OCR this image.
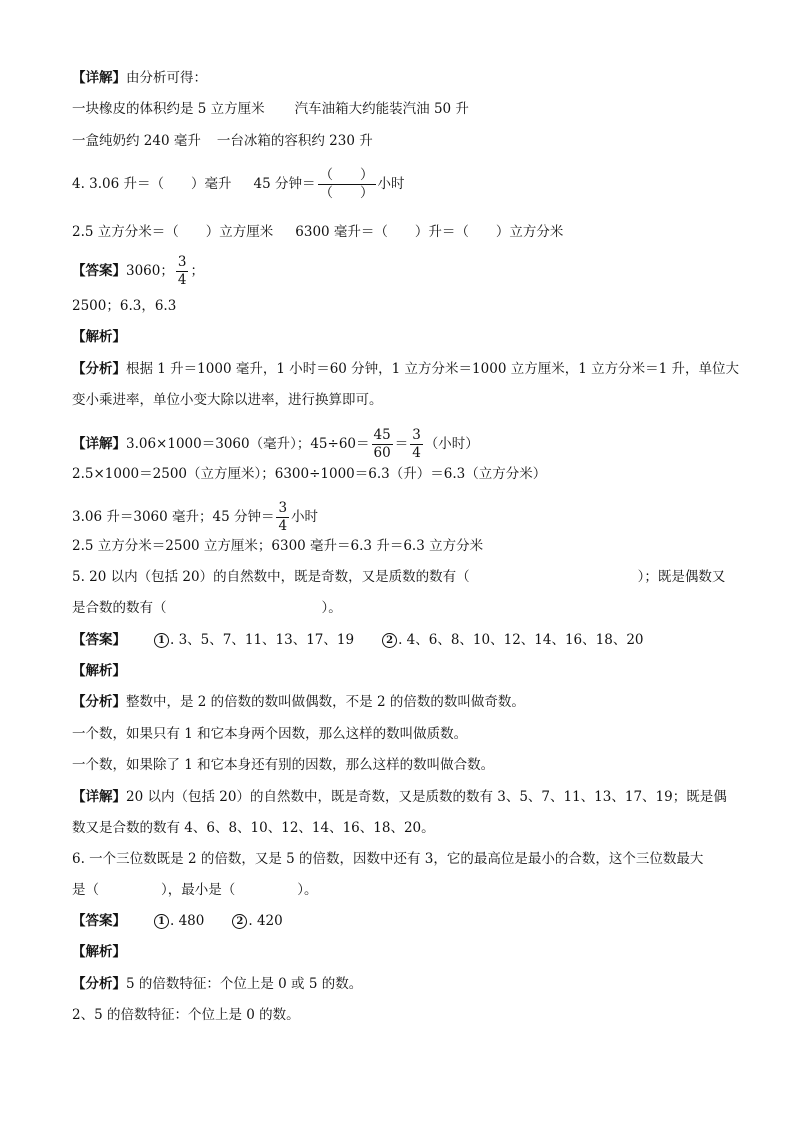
【详解】由分析可得：
一块橡皮的体积约是 5 立方厘米 汽车油箱大约能装汽油 50 升
一盒纯奶约 240 毫升 一台冰箱的容积约 230 升
4. 3.06 升＝（　　）毫升 45 分钟＝ $\frac{( )}{( )}$ 小时
2.5 立方分米＝（　　）立方厘米 6300 毫升＝（　　）升＝（　　）立方分米
【答案】3060； $\frac{3}{4}$ ；
2500；6.3，6.3
【解析】
【分析】根据 1 升＝1000 毫升，1 小时＝60 分钟，1 立方分米＝1000 立方厘米，1 立方分米＝1 升，单位大
变小乘进率，单位小变大除以进率，进行换算即可。
【详解】3.06×1000＝3060（毫升）；$45\div 60= \frac{45}{60} = \frac{3}{4}$ （小时）
2.5×1000＝2500（立方厘米）；6300÷1000＝6.3（升）＝6.3（立方分米）
3.06 升＝3060 毫升；45 分钟＝ $\frac{3}{4}$ 小时
2.5 立方分米＝2500 立方厘米；6300 毫升＝6.3 升＝6.3 立方分米
5. 20 以内（包括 20）的自然数中，既是奇数，又是质数的数有（	）；既是偶数又
是合数的数有（	）。
【答案】	1 . 3、5、7、11、13、17、19	2 . 4、6、8、10、12、14、16、18、20
【解析】
【分析】整数中，是 2 的倍数的数叫做偶数，不是 2 的倍数的数叫做奇数。
一个数，如果只有 1 和它本身两个因数，那么这样的数叫做质数。
一个数，如果除了 1 和它本身还有别的因数，那么这样的数叫做合数。
【详解】20 以内（包括 20）的自然数中，既是奇数，又是质数的数有 3、5、7、11、13、17、19；既是偶
数又是合数的数有 4、6、8、10、12、14、16、18、20。
6. 一个三位数既是 2 的倍数，又是 5 的倍数，因数中还有 3，它的最高位是最小的合数，这个三位数最大
是（	），最小是（	）。
【答案】	1 . 480	2 . 420
【解析】
【分析】5 的倍数特征：个位上是 0 或 5 的数。
2、5 的倍数特征：个位上是 0 的数。
